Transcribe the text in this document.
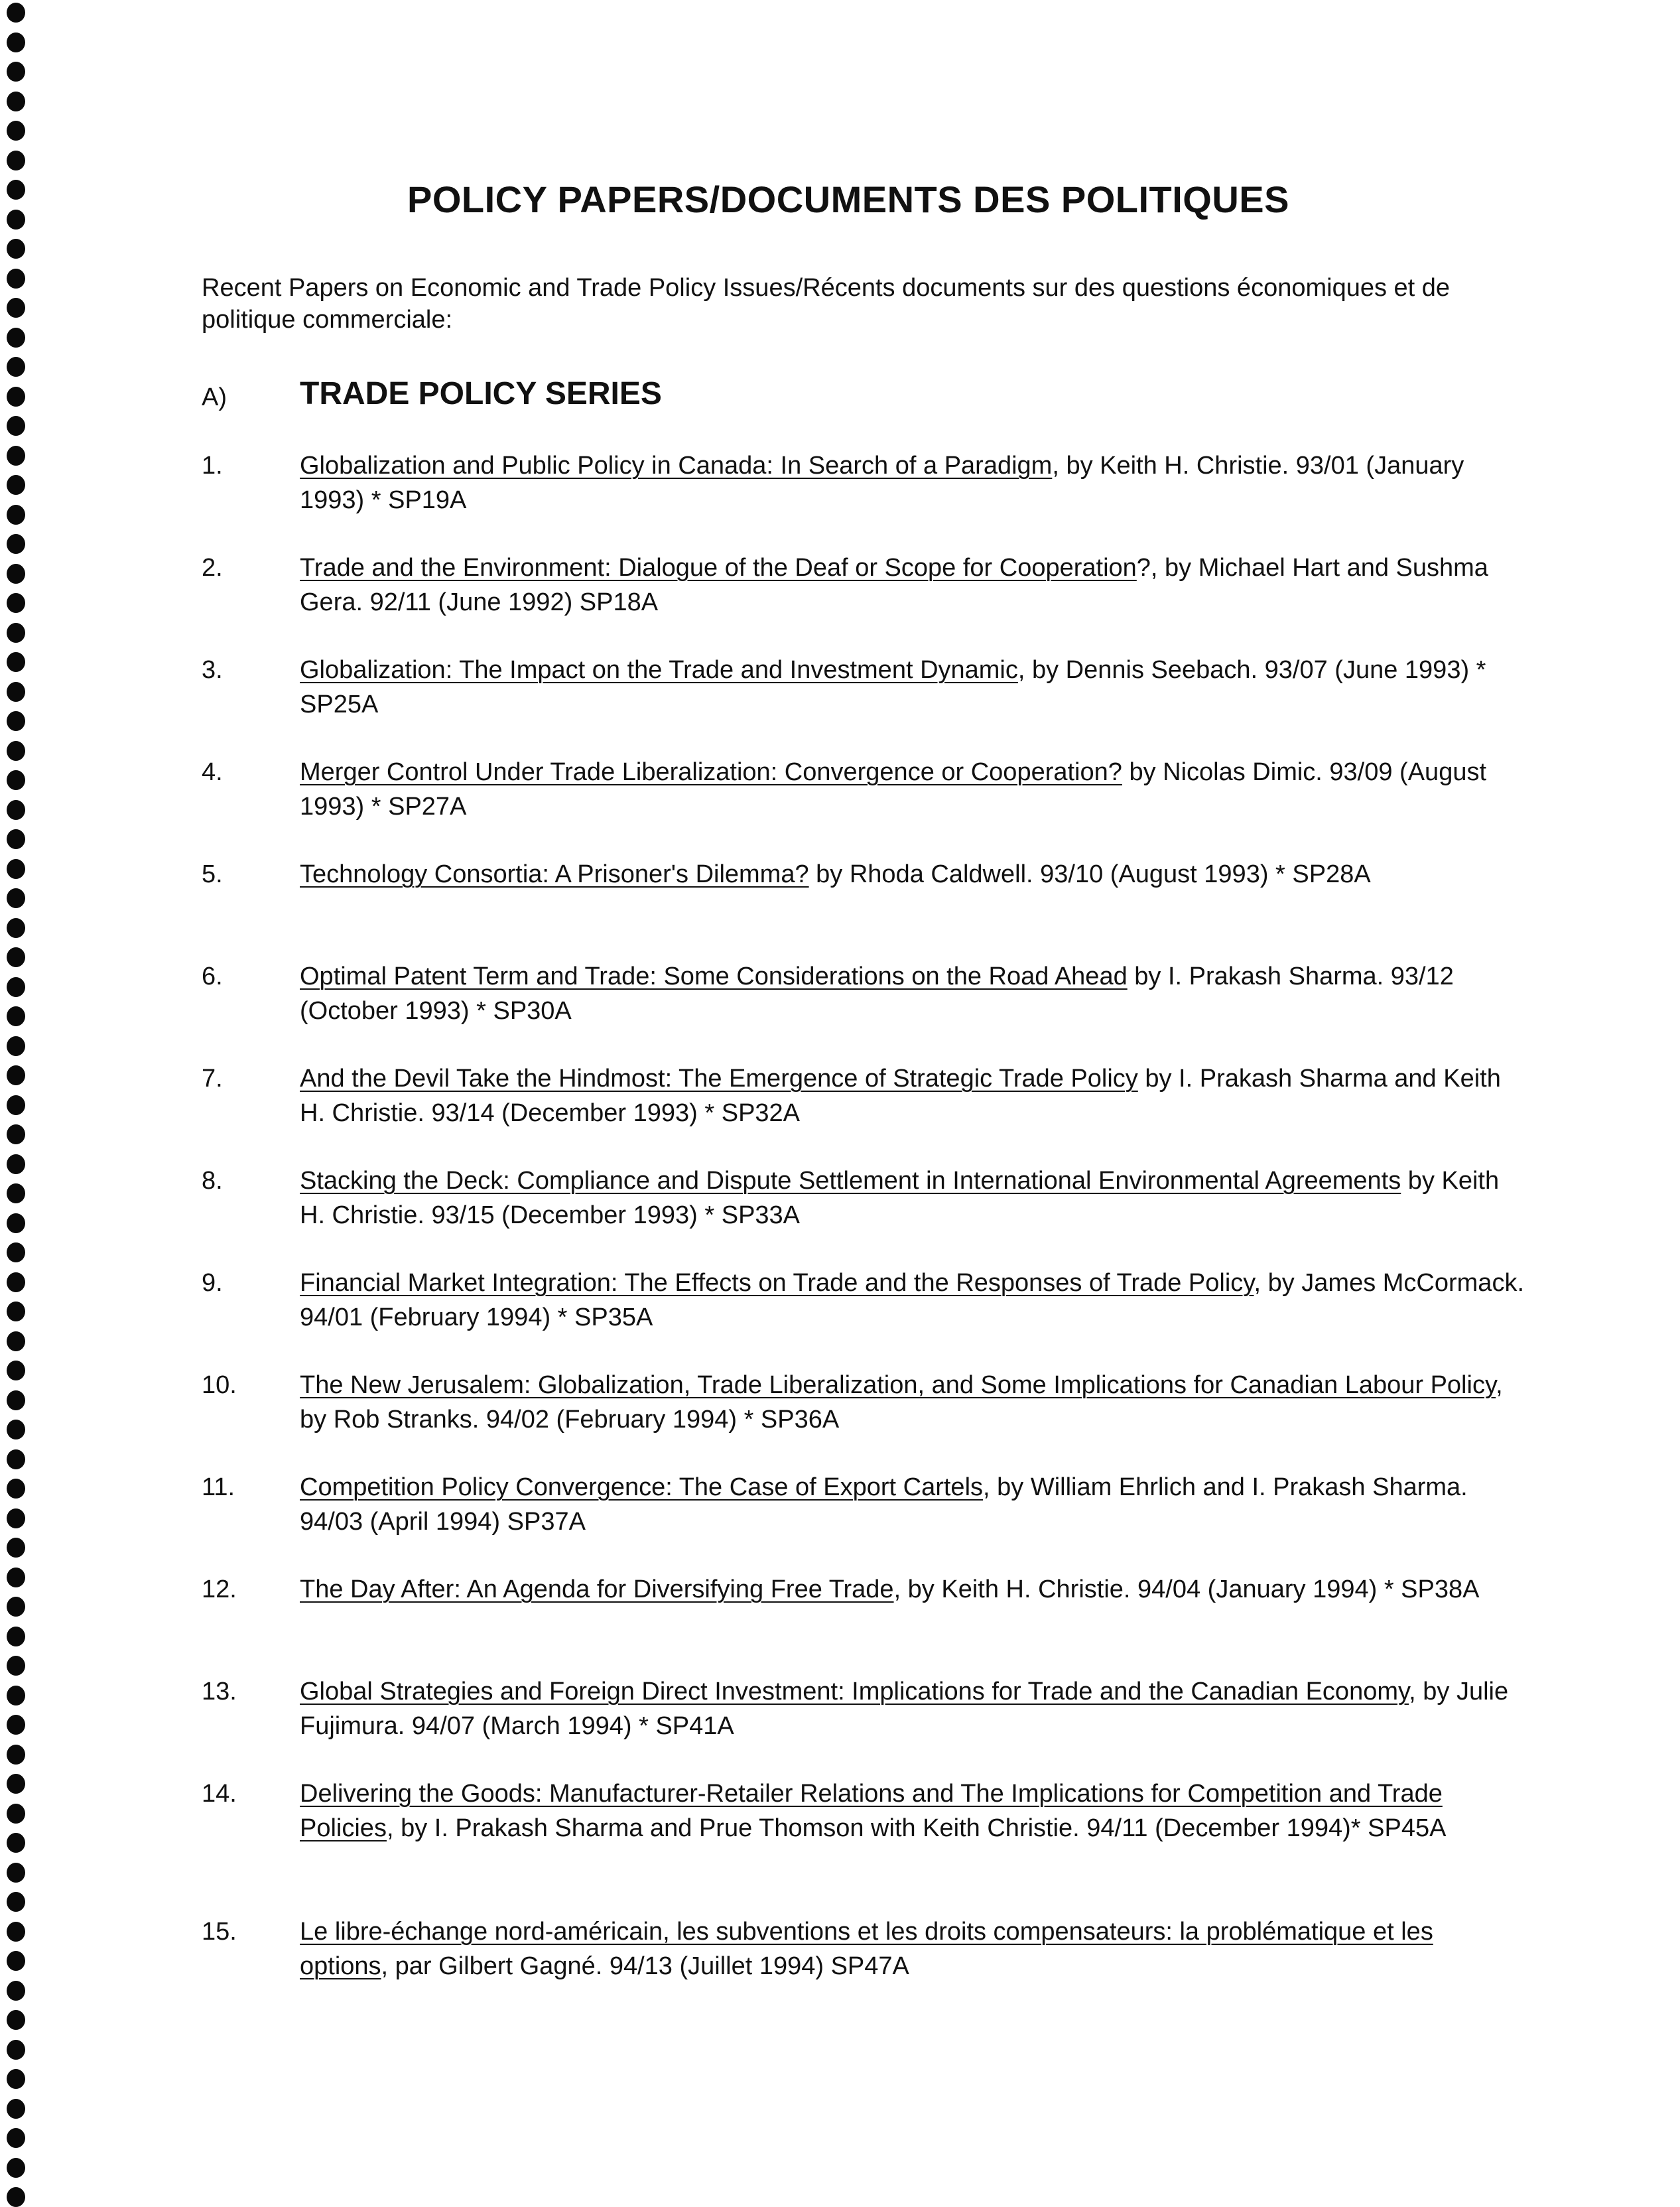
POLICY PAPERS/DOCUMENTS DES POLITIQUES
Recent Papers on Economic and Trade Policy Issues/Récents documents sur des questions économiques et de politique commerciale:
A) TRADE POLICY SERIES
1.	Globalization and Public Policy in Canada: In Search of a Paradigm, by Keith H. Christie. 93/01 (January 1993) * SP19A
2.	Trade and the Environment: Dialogue of the Deaf or Scope for Cooperation?, by Michael Hart and Sushma Gera. 92/11 (June 1992) SP18A
3.	Globalization: The Impact on the Trade and Investment Dynamic, by Dennis Seebach. 93/07 (June 1993) * SP25A
4.	Merger Control Under Trade Liberalization: Convergence or Cooperation? by Nicolas Dimic. 93/09 (August 1993) * SP27A
5.	Technology Consortia: A Prisoner's Dilemma? by Rhoda Caldwell. 93/10 (August 1993) * SP28A
6.	Optimal Patent Term and Trade: Some Considerations on the Road Ahead by I. Prakash Sharma. 93/12 (October 1993) * SP30A
7.	And the Devil Take the Hindmost: The Emergence of Strategic Trade Policy by I. Prakash Sharma and Keith H. Christie. 93/14 (December 1993) * SP32A
8.	Stacking the Deck: Compliance and Dispute Settlement in International Environmental Agreements by Keith H. Christie. 93/15 (December 1993) * SP33A
9.	Financial Market Integration: The Effects on Trade and the Responses of Trade Policy, by James McCormack. 94/01 (February 1994) * SP35A
10.	The New Jerusalem: Globalization, Trade Liberalization, and Some Implications for Canadian Labour Policy, by Rob Stranks. 94/02 (February 1994) * SP36A
11.	Competition Policy Convergence: The Case of Export Cartels, by William Ehrlich and I. Prakash Sharma. 94/03 (April 1994) SP37A
12.	The Day After: An Agenda for Diversifying Free Trade, by Keith H. Christie. 94/04 (January 1994) * SP38A
13.	Global Strategies and Foreign Direct Investment: Implications for Trade and the Canadian Economy, by Julie Fujimura. 94/07 (March 1994) * SP41A
14.	Delivering the Goods: Manufacturer-Retailer Relations and The Implications for Competition and Trade Policies, by I. Prakash Sharma and Prue Thomson with Keith Christie. 94/11 (December 1994)* SP45A
15.	Le libre-échange nord-américain, les subventions et les droits compensateurs: la problématique et les options, par Gilbert Gagné. 94/13 (Juillet 1994) SP47A
